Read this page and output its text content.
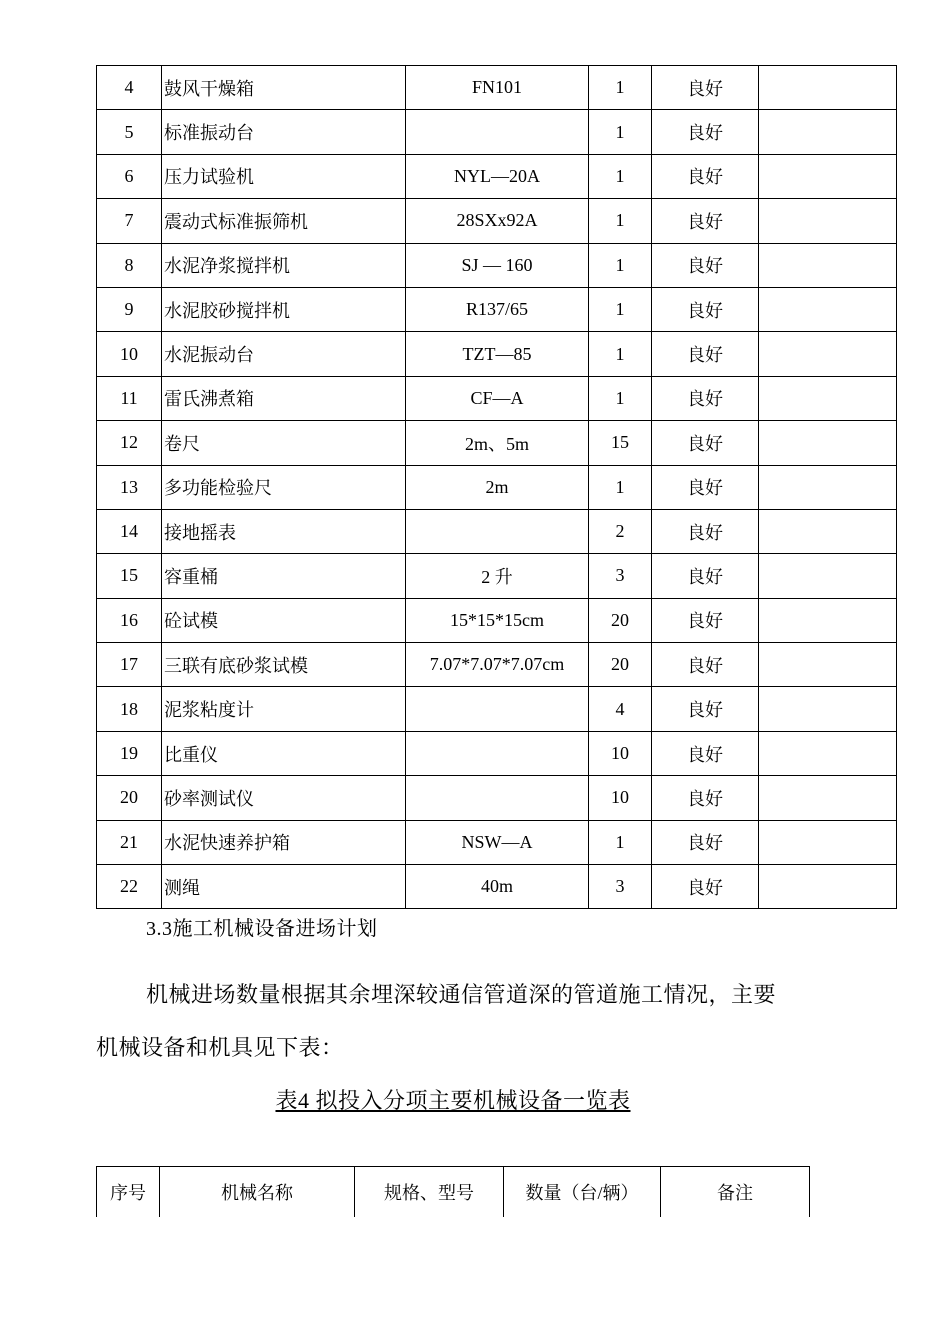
4	鼓风干燥箱	FN101	1	良好	
5	标准振动台		1	良好	
6	压力试验机	NYL—20A	1	良好	
7	震动式标准振筛机	28SXx92A	1	良好	
8	水泥净浆搅拌机	SJ — 160	1	良好	
9	水泥胶砂搅拌机	R137/65	1	良好	
10	水泥振动台	TZT—85	1	良好	
11	雷氏沸煮箱	CF—A	1	良好	
12	卷尺	2m、5m	15	良好	
13	多功能检验尺	2m	1	良好	
14	接地摇表		2	良好	
15	容重桶	2 升	3	良好	
16	砼试模	15*15*15cm	20	良好	
17	三联有底砂浆试模	7.07*7.07*7.07cm	20	良好	
18	泥浆粘度计		4	良好	
19	比重仪		10	良好	
20	砂率测试仪		10	良好	
21	水泥快速养护箱	NSW—A	1	良好	
22	测绳	40m	3	良好	
3.3施工机械设备进场计划
机械进场数量根据其余埋深较通信管道深的管道施工情况，主要
机械设备和机具见下表：
表4 拟投入分项主要机械设备一览表
序号	机械名称	规格、型号	数量（台/辆）	备注
